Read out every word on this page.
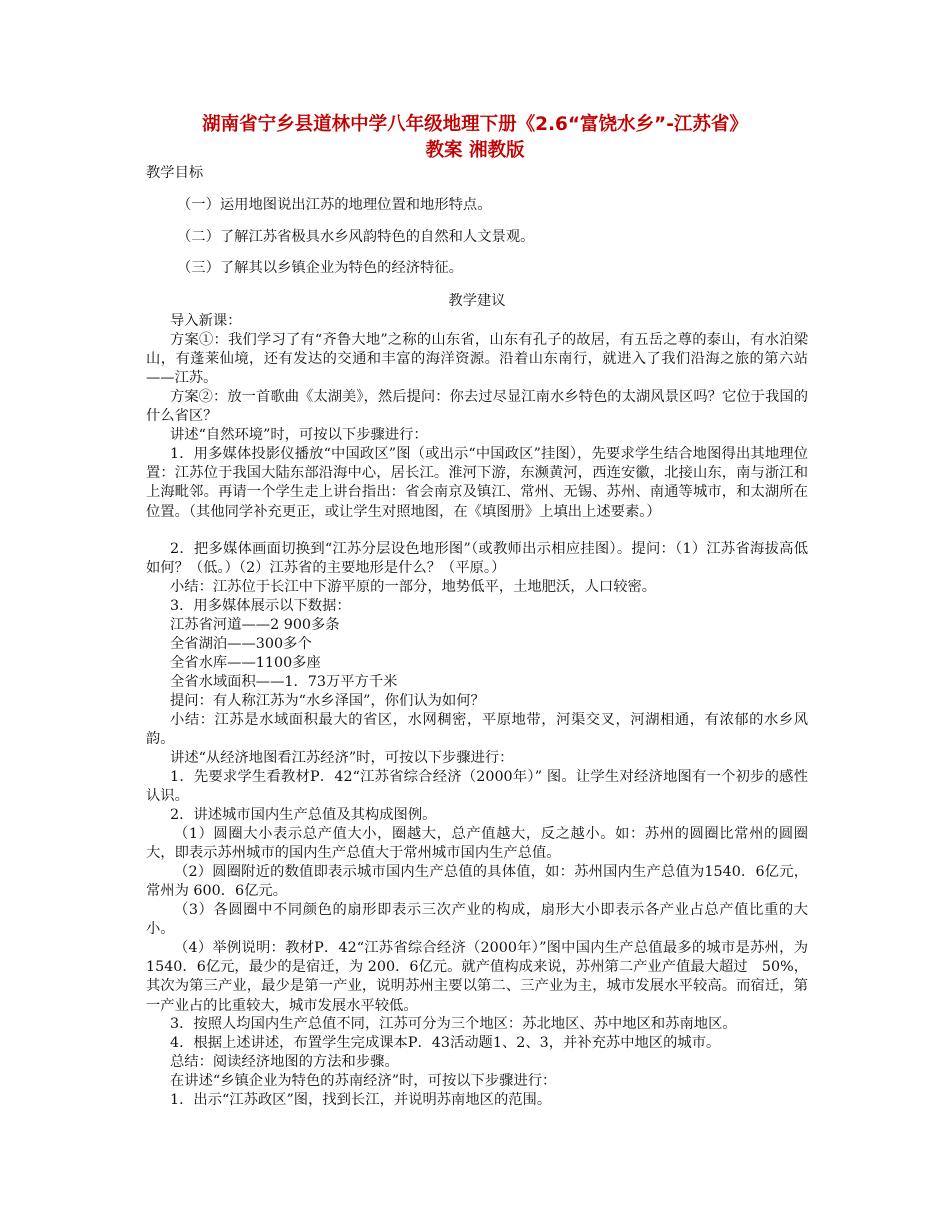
湖南省宁乡县道林中学八年级地理下册《2.6“富饶水乡”-江苏省》
教案 湘教版
教学目标
（一）运用地图说出江苏的地理位置和地形特点。
（二）了解江苏省极具水乡风韵特色的自然和人文景观。
（三）了解其以乡镇企业为特色的经济特征。
教学建议
导入新课：
方案①：我们学习了有“齐鲁大地”之称的山东省，山东有孔子的故居，有五岳之尊的泰山，有水泊梁山，有蓬莱仙境，还有发达的交通和丰富的海洋资源。沿着山东南行，就进入了我们沿海之旅的第六站——江苏。
方案②：放一首歌曲《太湖美》，然后提问：你去过尽显江南水乡特色的太湖风景区吗？它位于我国的什么省区？
讲述“自然环境”时，可按以下步骤进行：
1．用多媒体投影仪播放“中国政区”图（或出示“中国政区”挂图），先要求学生结合地图得出其地理位置：江苏位于我国大陆东部沿海中心，居长江。淮河下游，东濒黄河，西连安徽，北接山东，南与浙江和上海毗邻。再请一个学生走上讲台指出：省会南京及镇江、常州、无锡、苏州、南通等城市，和太湖所在位置。（其他同学补充更正，或让学生对照地图，在《填图册》上填出上述要素。）
2．把多媒体画面切换到“江苏分层设色地形图”（或教师出示相应挂图）。提问：（1）江苏省海拔高低如何？（低。）（2）江苏省的主要地形是什么？（平原。）
小结：江苏位于长江中下游平原的一部分，地势低平，土地肥沃，人口较密。
3．用多媒体展示以下数据：
江苏省河道——2 900多条
全省湖泊——300多个
全省水库——1100多座
全省水域面积——1．73万平方千米
提问：有人称江苏为“水乡泽国”，你们认为如何？
小结：江苏是水域面积最大的省区，水网稠密，平原地带，河渠交叉，河湖相通，有浓郁的水乡风韵。
讲述“从经济地图看江苏经济”时，可按以下步骤进行：
1．先要求学生看教材P．42“江苏省综合经济（2000年）” 图。让学生对经济地图有一个初步的感性认识。
2．讲述城市国内生产总值及其构成图例。
（1）圆圈大小表示总产值大小，圈越大，总产值越大，反之越小。如：苏州的圆圈比常州的圆圈大，即表示苏州城市的国内生产总值大于常州城市国内生产总值。
（2）圆圈附近的数值即表示城市国内生产总值的具体值，如：苏州国内生产总值为1540．6亿元，常州为 600．6亿元。
（3）各圆圈中不同颜色的扇形即表示三次产业的构成，扇形大小即表示各产业占总产值比重的大小。
（4）举例说明：教材P．42“江苏省综合经济（2000年）”图中国内生产总值最多的城市是苏州，为 1540．6亿元，最少的是宿迁，为 200．6亿元。就产值构成来说，苏州第二产业产值最大超过　50%，其次为第三产业，最少是第一产业，说明苏州主要以第二、三产业为主，城市发展水平较高。而宿迁，第一产业占的比重较大，城市发展水平较低。
3．按照人均国内生产总值不同，江苏可分为三个地区：苏北地区、苏中地区和苏南地区。
4．根据上述讲述，布置学生完成课本P．43活动题1、2、3，并补充苏中地区的城市。
总结：阅读经济地图的方法和步骤。
在讲述“乡镇企业为特色的苏南经济”时，可按以下步骤进行：
1．出示“江苏政区”图，找到长江，并说明苏南地区的范围。
